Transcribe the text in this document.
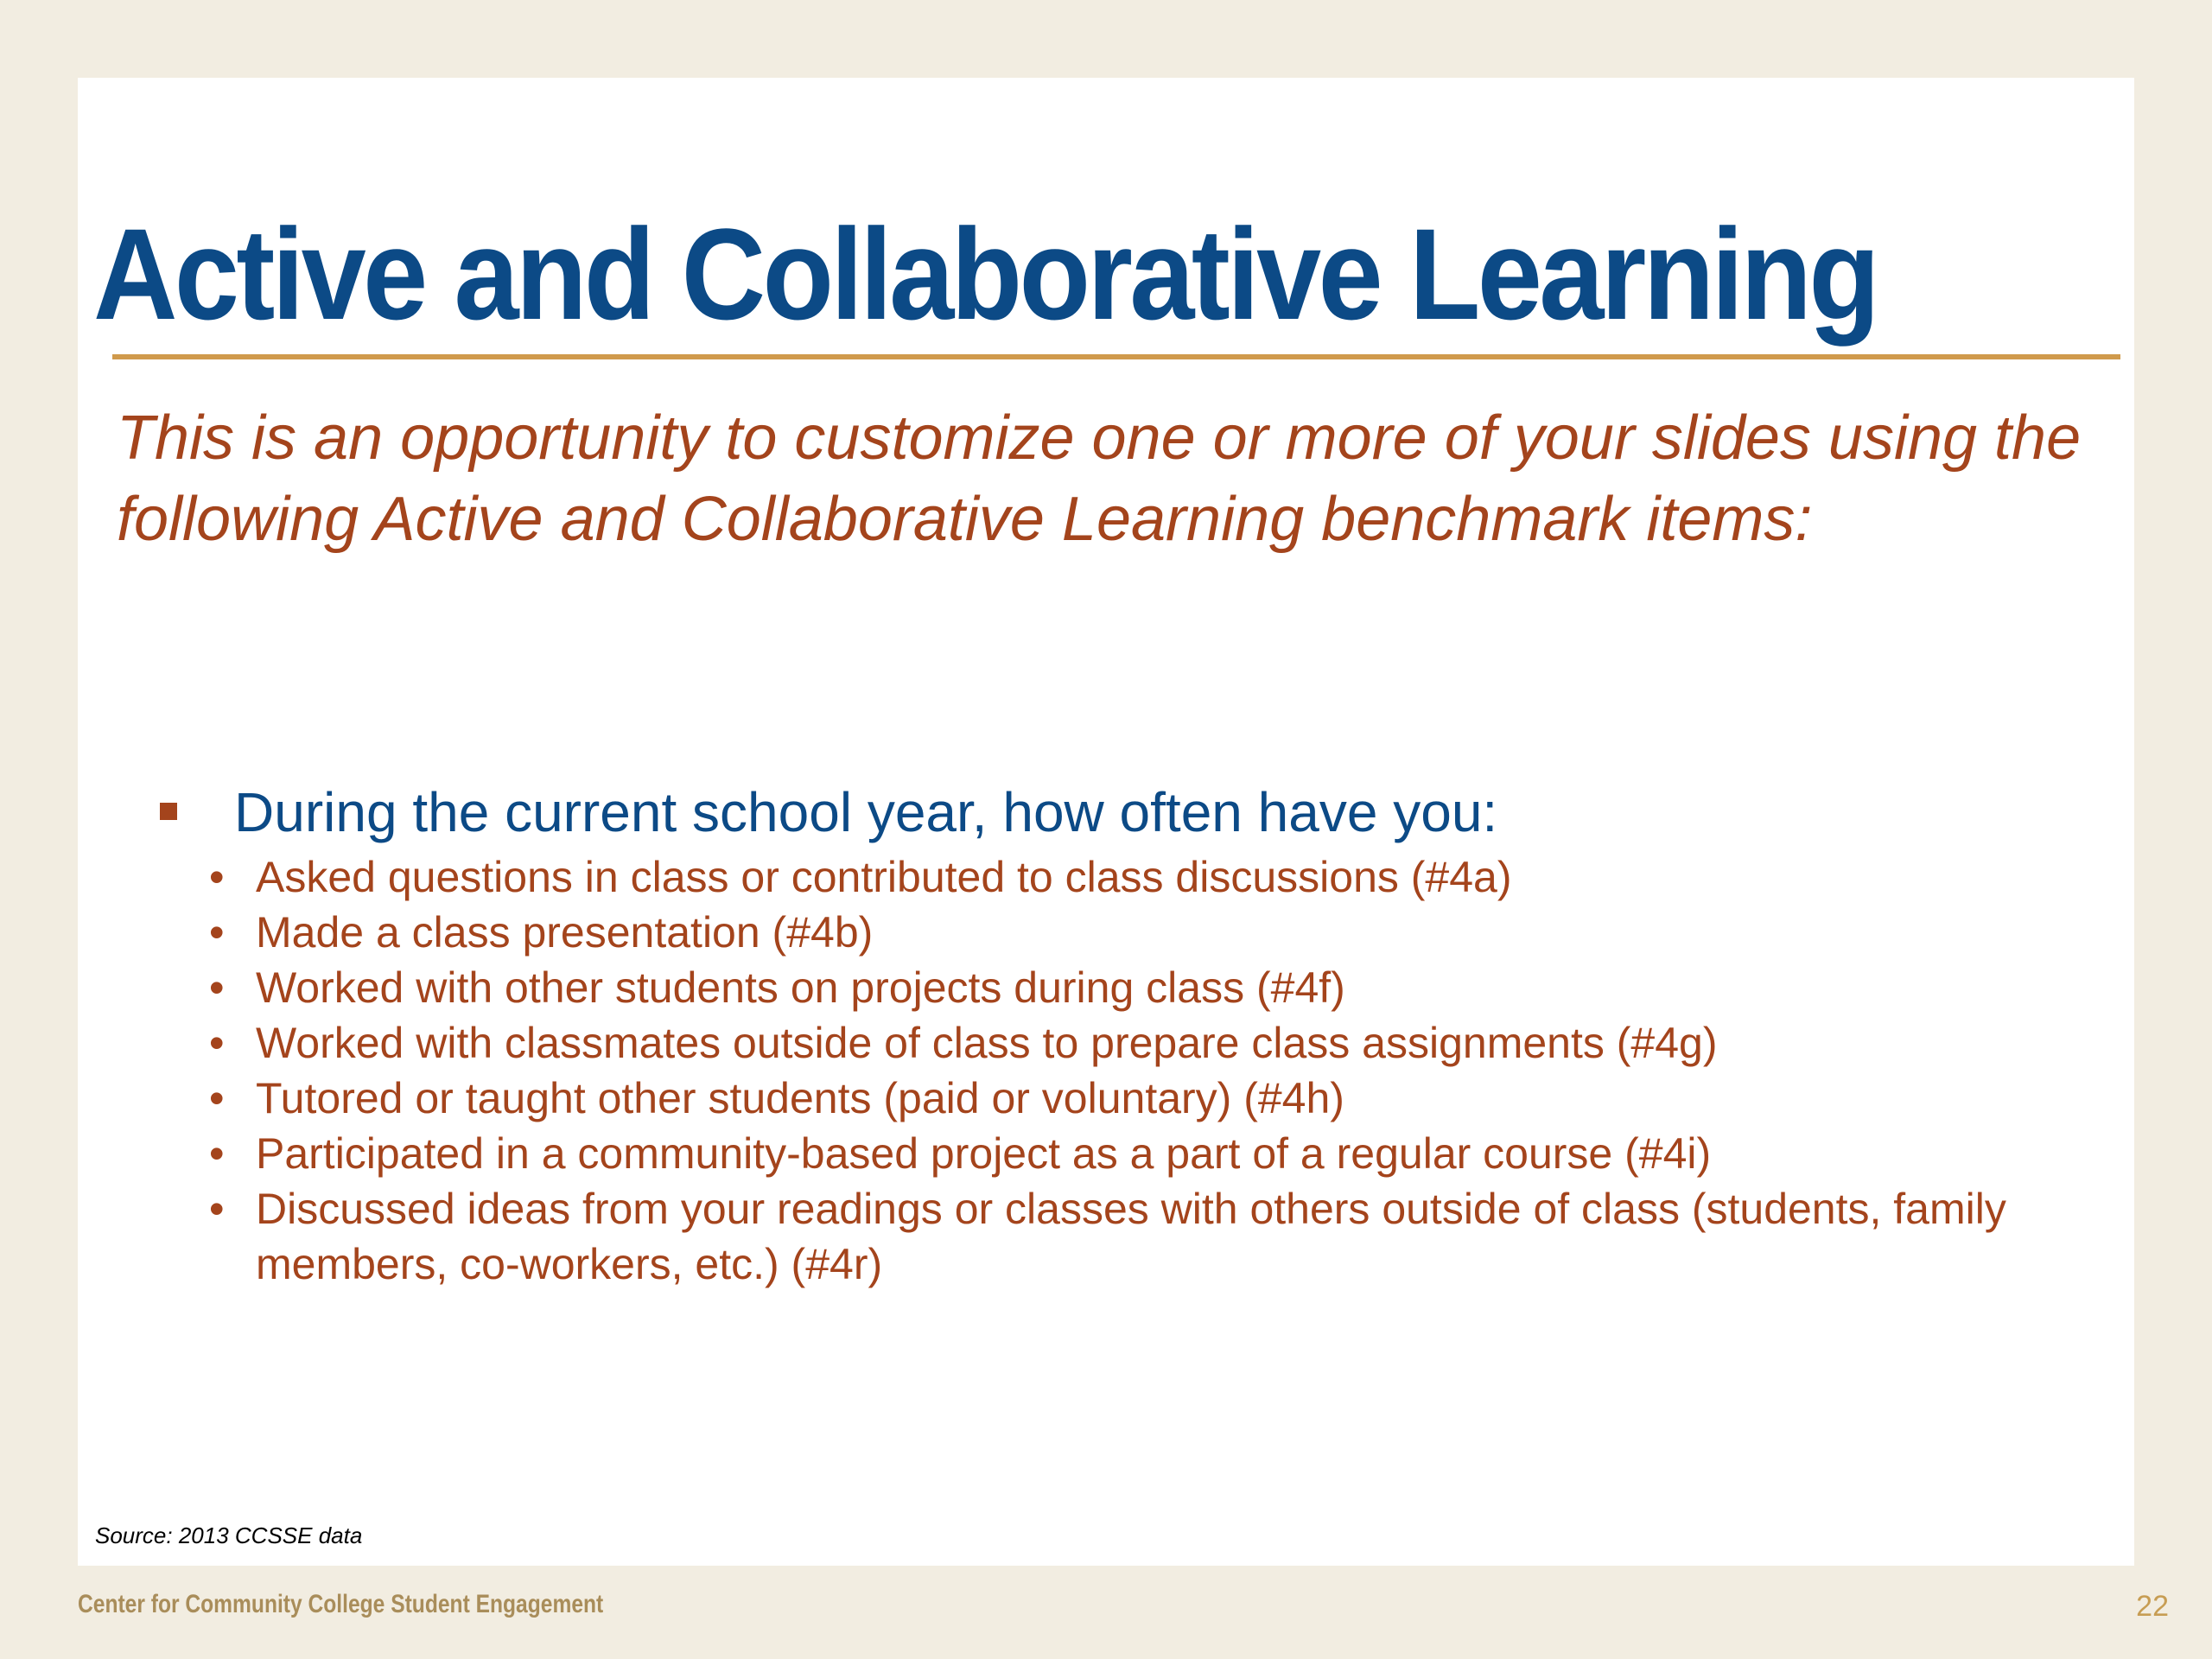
Active and Collaborative Learning

This is an opportunity to customize one or more of your slides using the following Active and Collaborative Learning benchmark items:

During the current school year, how often have you:
• Asked questions in class or contributed to class discussions (#4a)
• Made a class presentation (#4b)
• Worked with other students on projects during class (#4f)
• Worked with classmates outside of class to prepare class assignments (#4g)
• Tutored or taught other students (paid or voluntary) (#4h)
• Participated in a community-based project as a part of a regular course (#4i)
• Discussed ideas from your readings or classes with others outside of class (students, family members, co-workers, etc.) (#4r)
Source: 2013 CCSSE data
Center for Community College Student Engagement	22
